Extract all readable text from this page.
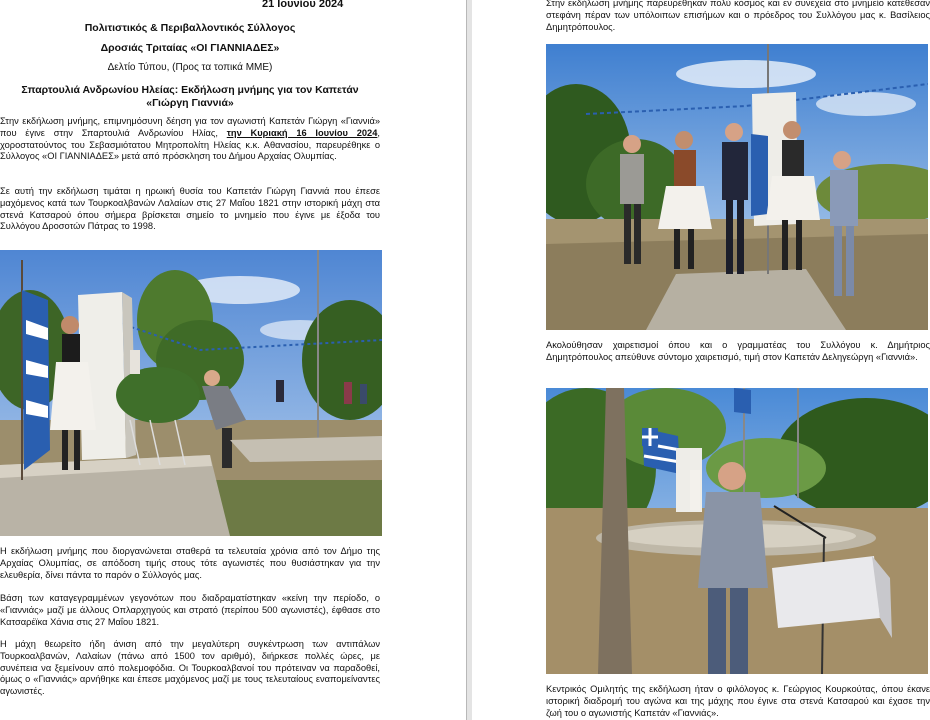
21 Ιουνίου 2024
Πολιτιστικός & Περιβαλλοντικός Σύλλογος
Δροσιάς Τριταίας «ΟΙ ΓΙΑΝΝΙΑΔΕΣ»
Δελτίο Τύπου, (Προς τα τοπικά ΜΜΕ)
Σπαρτουλιά Ανδρωνίου Ηλείας: Εκδήλωση μνήμης για τον Καπετάν
«Γιώργη Γιαννιά»
Στην εκδήλωση μνήμης, επιμνημόσυνη δέηση για τον αγωνιστή Καπετάν Γιώργη «Γιαννιά» που έγινε στην Σπαρτουλιά Ανδρωνίου Ηλίας, την Κυριακή 16 Ιουνίου 2024, χοροστατούντος του Σεβασμιότατου Μητροπολίτη Ηλείας κ.κ. Αθανασίου, παρευρέθηκε ο Σύλλογος «ΟΙ ΓΙΑΝΝΙΑΔΕΣ» μετά από πρόσκληση του Δήμου Αρχαίας Ολυμπίας.
Σε αυτή την εκδήλωση τιμάται η ηρωική θυσία του Καπετάν Γιώργη Γιαννιά που έπεσε μαχόμενος κατά των Τουρκοαλβανών Λαλαίων στις 27 Μαΐου 1821 στην ιστορική μάχη στα στενά Κατσαρού όπου σήμερα βρίσκεται σημείο το μνημείο που έγινε με έξοδα του Συλλόγου Δροσοτών Πάτρας το 1998.
Η εκδήλωση μνήμης που διοργανώνεται σταθερά τα τελευταία χρόνια από τον Δήμο της Αρχαίας Ολυμπίας, σε απόδοση τιμής στους τότε αγωνιστές που θυσιάστηκαν για την ελευθερία, δίνει πάντα το παρόν ο Σύλλογός μας.
Βάση των καταγεγραμμένων γεγονότων που διαδραματίστηκαν «κείνη την περίοδο, ο «Γιαννιάς» μαζί με άλλους Οπλαρχηγούς και στρατό (περίπου 500 αγωνιστές), έφθασε στο Κατσαρέϊκα Χάνια στις 27 Μαΐου 1821.
Η μάχη θεωρείτο ήδη άνιση από την μεγαλύτερη συγκέντρωση των αντιπάλων Τουρκοαλβανών, Λαλαίων (πάνω από 1500 τον αριθμό), διήρκεσε πολλές ώρες, με συνέπεια να ξεμείνουν από πολεμοφόδια. Οι Τουρκοαλβανοί του πρότειναν να παραδοθεί, όμως ο «Γιαννιάς» αρνήθηκε και έπεσε μαχόμενος μαζί με τους τελευταίους εναπομείναντες αγωνιστές.
Στην εκδήλωση μνήμης παρευρέθηκαν πολύ κόσμος και εν συνεχεία στο μνημείο κατέθεσαν στεφάνη πέραν των υπόλοιπων επισήμων και ο πρόεδρος του Συλλόγου μας κ. Βασίλειος Δημητρόπουλος.
Ακολούθησαν χαιρετισμοί όπου και ο γραμματέας του Συλλόγου κ. Δημήτριος Δημητρόπουλος απεύθυνε σύντομο χαιρετισμό, τιμή στον Καπετάν Δεληγεώργη «Γιαννιά».
Κεντρικός Ομιλητής της εκδήλωση ήταν ο φιλόλογος κ. Γεώργιος Κουρκούτας, όπου έκανε ιστορική διαδρομή του αγώνα και της μάχης που έγινε στα στενά Κατσαρού και έχασε την ζωή του ο αγωνιστής Καπετάν «Γιαννιάς».
